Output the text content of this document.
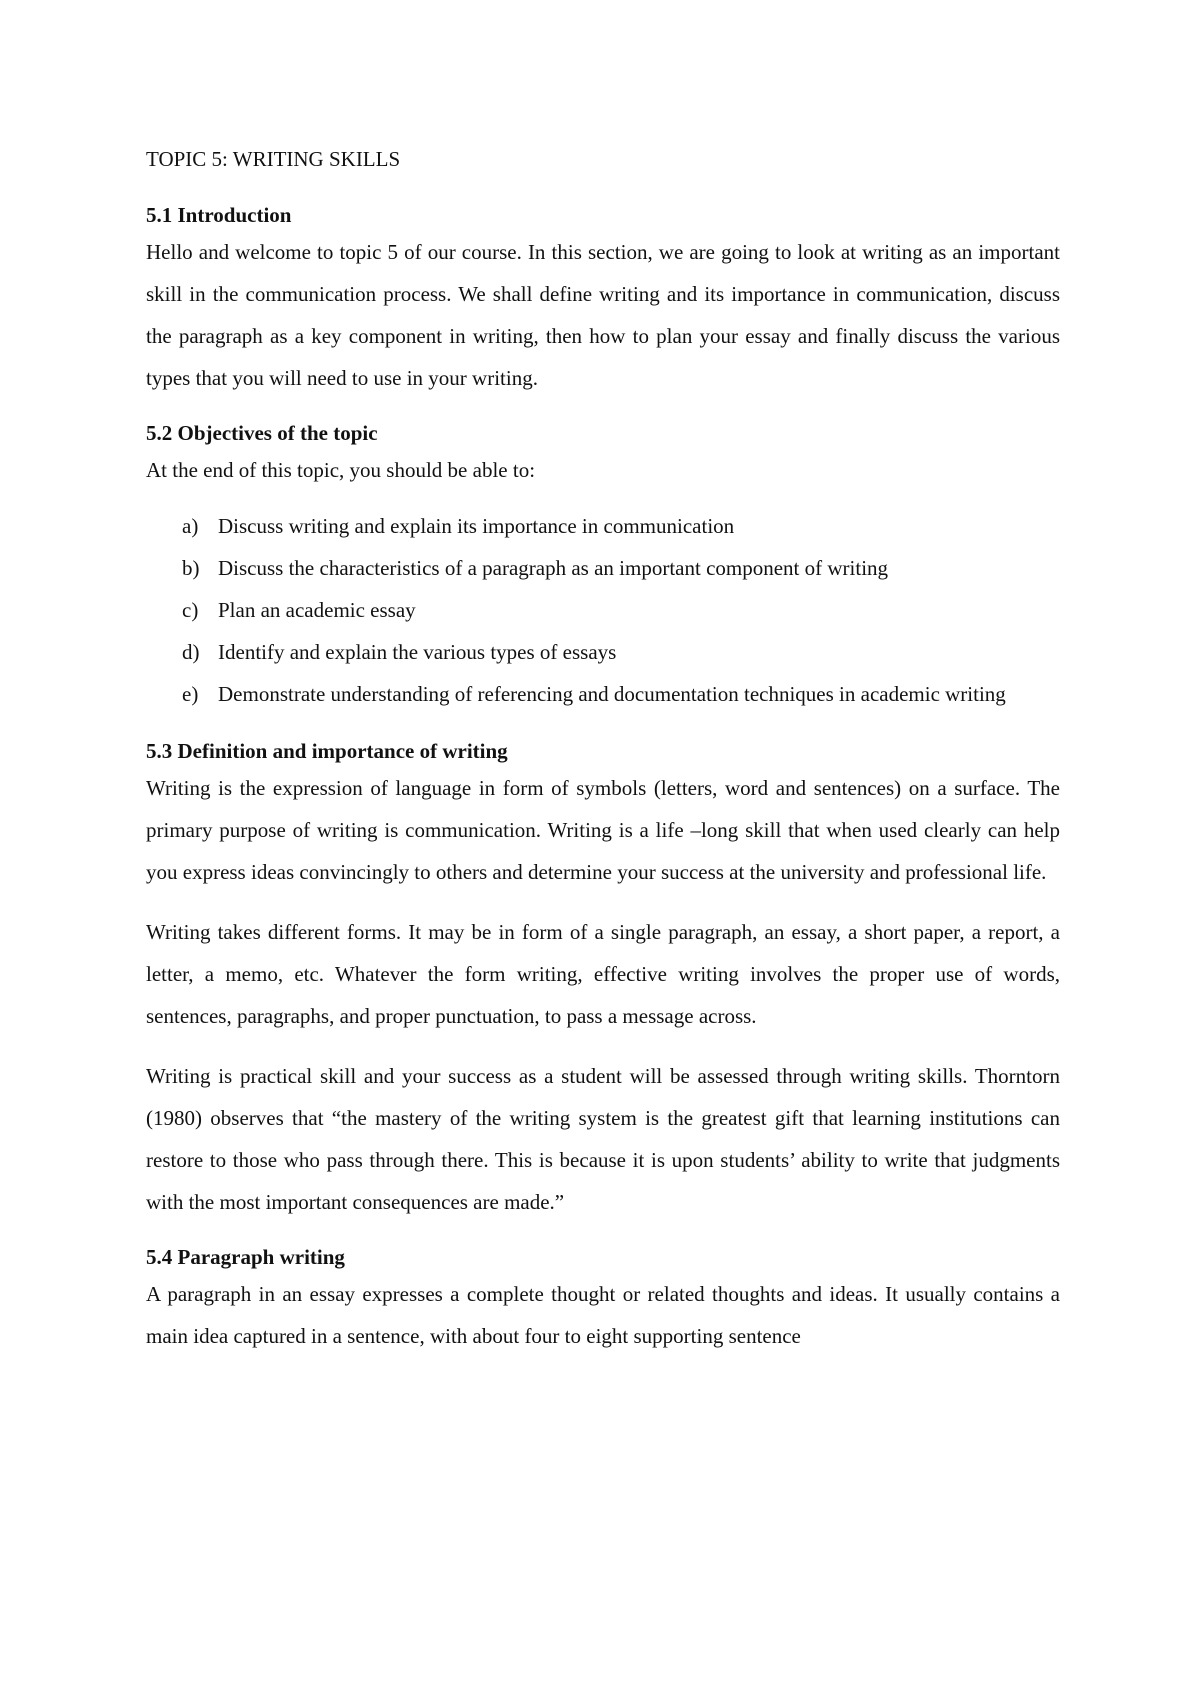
TOPIC 5: WRITING SKILLS
5.1 Introduction

Hello and welcome to topic 5 of our course. In this section, we are going to look at writing as an important skill in the communication process. We shall define writing and its importance in communication, discuss the paragraph as a key component in writing, then how to plan your essay and finally discuss the various types that you will need to use in your writing.

5.2 Objectives of the topic

At the end of this topic, you should be able to:

a) Discuss writing and explain its importance in communication
b) Discuss the characteristics of a paragraph as an important component of writing
c) Plan an academic essay
d) Identify and explain the various types of essays
e) Demonstrate understanding of referencing and documentation techniques in academic writing
5.3 Definition and importance of writing

Writing is the expression of language in form of symbols (letters, word and sentences) on a surface. The primary purpose of writing is communication. Writing is a life –long skill that when used clearly can help you express ideas convincingly to others and determine your success at the university and professional life.

Writing takes different forms. It may be in form of a single paragraph, an essay, a short paper, a report, a letter, a memo, etc. Whatever the form writing, effective writing involves the proper use of words, sentences, paragraphs, and proper punctuation, to pass a message across.

Writing is practical skill and your success as a student will be assessed through writing skills. Thorntorn (1980) observes that “the mastery of the writing system is the greatest gift that learning institutions can restore to those who pass through there. This is because it is upon students’ ability to write that judgments with the most important consequences are made.”

5.4 Paragraph writing

A paragraph in an essay expresses a complete thought or related thoughts and ideas. It usually contains a main idea captured in a sentence, with about four to eight supporting sentence
